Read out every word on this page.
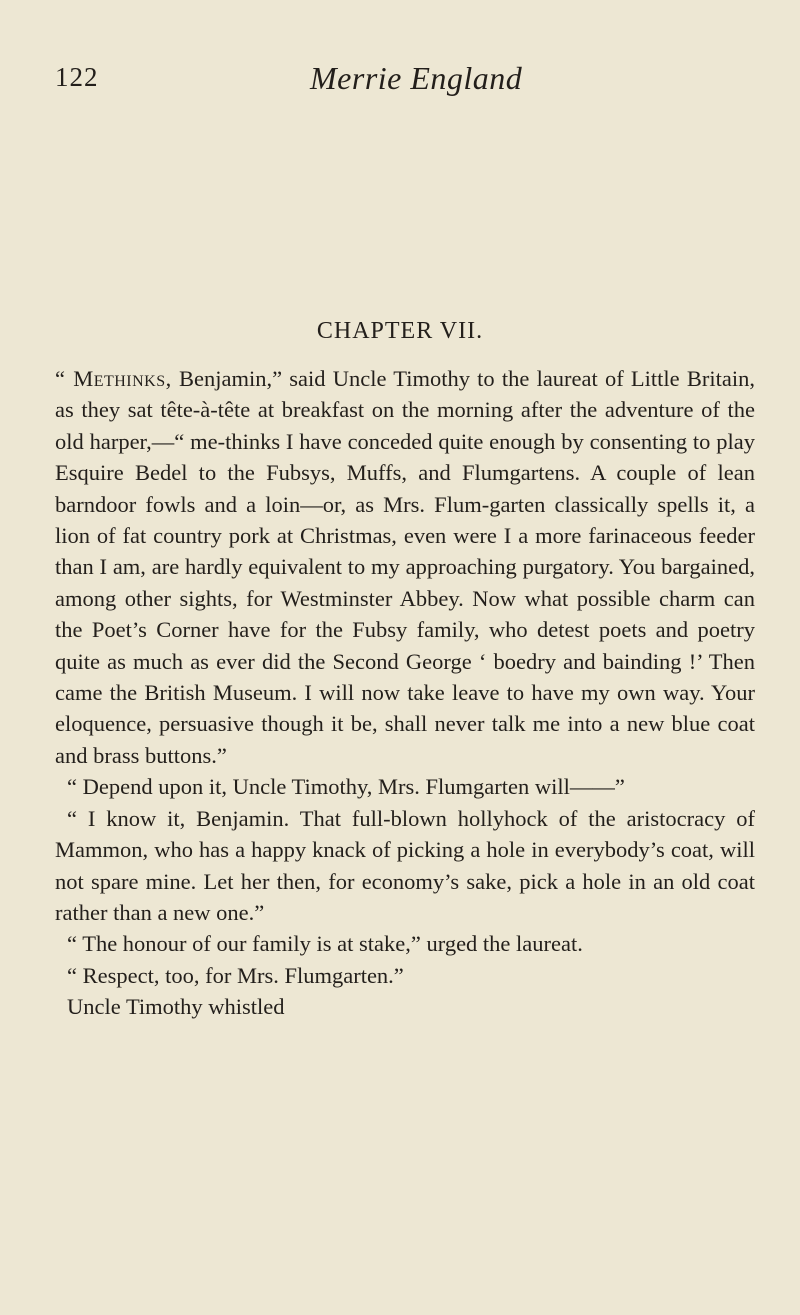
122	Merrie England
CHAPTER VII.

“ Methinks, Benjamin,” said Uncle Timothy to the laureat of Little Britain, as they sat tête-à-tête at breakfast on the morning after the adventure of the old harper,—“ me-thinks I have conceded quite enough by consenting to play Esquire Bedel to the Fubsys, Muffs, and Flumgartens. A couple of lean barndoor fowls and a loin—or, as Mrs. Flum-garten classically spells it, a lion of fat country pork at Christmas, even were I a more farinaceous feeder than I am, are hardly equivalent to my approaching purgatory. You bargained, among other sights, for Westminster Abbey. Now what possible charm can the Poet’s Corner have for the Fubsy family, who detest poets and poetry quite as much as ever did the Second George ‘ boedry and bainding !’ Then came the British Museum. I will now take leave to have my own way. Your eloquence, persuasive though it be, shall never talk me into a new blue coat and brass buttons.”

“ Depend upon it, Uncle Timothy, Mrs. Flumgarten will——”

“ I know it, Benjamin. That full-blown hollyhock of the aristocracy of Mammon, who has a happy knack of picking a hole in everybody’s coat, will not spare mine. Let her then, for economy’s sake, pick a hole in an old coat rather than a new one.”

“ The honour of our family is at stake,” urged the laureat.

“ Respect, too, for Mrs. Flumgarten.”

Uncle Timothy whistled
